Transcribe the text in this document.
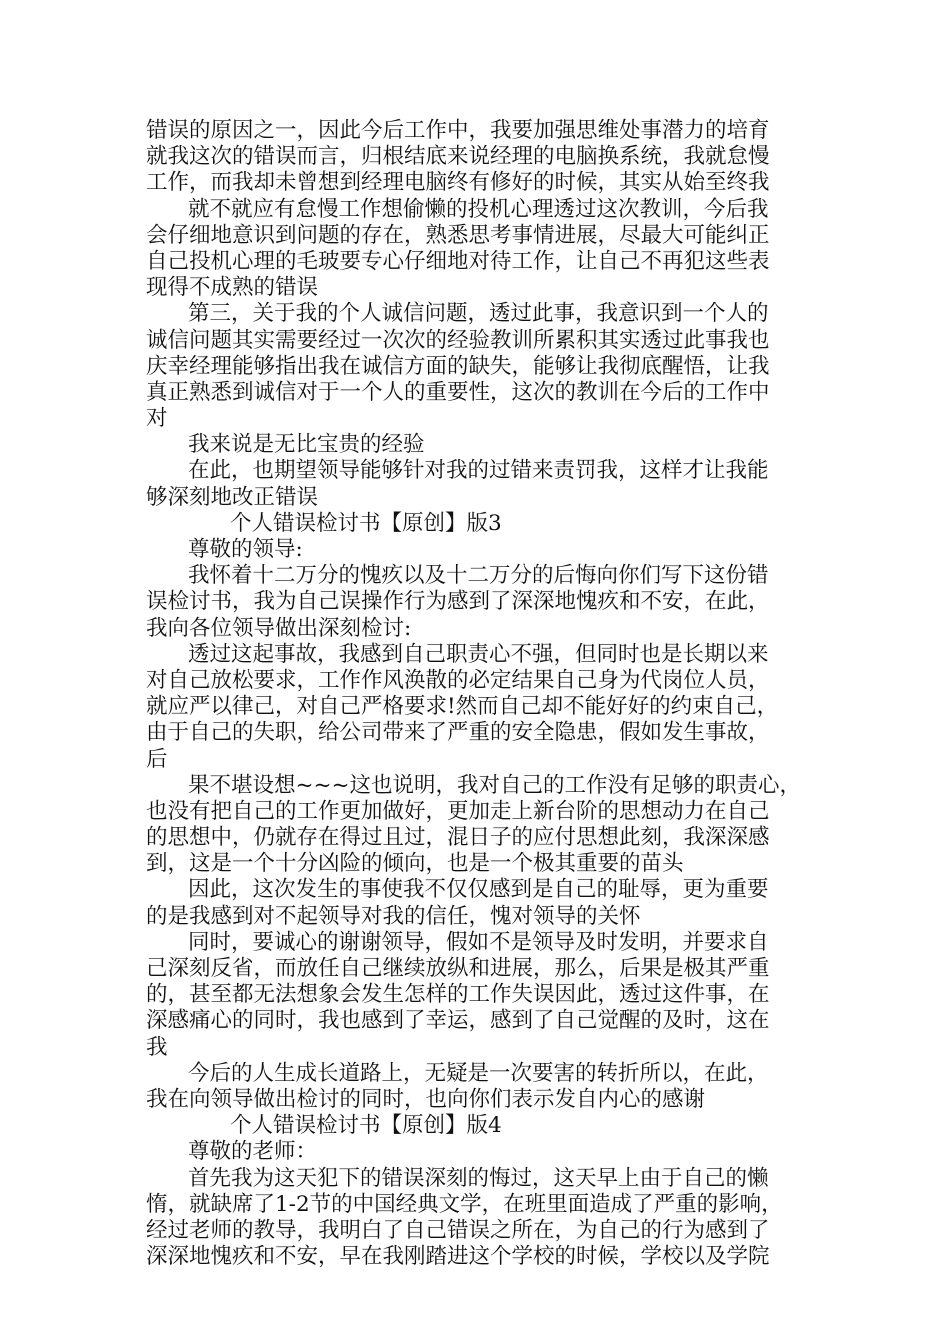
错误的原因之一，因此今后工作中，我要加强思维处事潜力的培育
就我这次的错误而言，归根结底来说经理的电脑换系统，我就怠慢
工作，而我却未曾想到经理电脑终有修好的时候，其实从始至终我
就不就应有怠慢工作想偷懒的投机心理透过这次教训，今后我
会仔细地意识到问题的存在，熟悉思考事情进展，尽最大可能纠正
自己投机心理的毛玻要专心仔细地对待工作，让自己不再犯这些表
现得不成熟的错误
第三，关于我的个人诚信问题，透过此事，我意识到一个人的
诚信问题其实需要经过一次次的经验教训所累积其实透过此事我也
庆幸经理能够指出我在诚信方面的缺失，能够让我彻底醒悟，让我
真正熟悉到诚信对于一个人的重要性，这次的教训在今后的工作中
对
我来说是无比宝贵的经验
在此，也期望领导能够针对我的过错来责罚我，这样才让我能
够深刻地改正错误
个人错误检讨书【原创】版3
尊敬的领导:
我怀着十二万分的愧疚以及十二万分的后悔向你们写下这份错
误检讨书，我为自己误操作行为感到了深深地愧疚和不安，在此，
我向各位领导做出深刻检讨:
透过这起事故，我感到自己职责心不强，但同时也是长期以来
对自己放松要求，工作作风涣散的必定结果自己身为代岗位人员，
就应严以律己，对自己严格要求!然而自己却不能好好的约束自己，
由于自己的失职，给公司带来了严重的安全隐患，假如发生事故，
后
果不堪设想~~~这也说明，我对自己的工作没有足够的职责心，
也没有把自己的工作更加做好，更加走上新台阶的思想动力在自己
的思想中，仍就存在得过且过，混日子的应付思想此刻，我深深感
到，这是一个十分凶险的倾向，也是一个极其重要的苗头
因此，这次发生的事使我不仅仅感到是自己的耻辱，更为重要
的是我感到对不起领导对我的信任，愧对领导的关怀
同时，要诚心的谢谢领导，假如不是领导及时发明，并要求自
己深刻反省，而放任自己继续放纵和进展，那么，后果是极其严重
的，甚至都无法想象会发生怎样的工作失误因此，透过这件事，在
深感痛心的同时，我也感到了幸运，感到了自己觉醒的及时，这在
我
今后的人生成长道路上，无疑是一次要害的转折所以，在此，
我在向领导做出检讨的同时，也向你们表示发自内心的感谢
个人错误检讨书【原创】版4
尊敬的老师：
首先我为这天犯下的错误深刻的悔过，这天早上由于自己的懒
惰，就缺席了1-2节的中国经典文学，在班里面造成了严重的影响，
经过老师的教导，我明白了自己错误之所在，为自己的行为感到了
深深地愧疚和不安，早在我刚踏进这个学校的时候，学校以及学院
